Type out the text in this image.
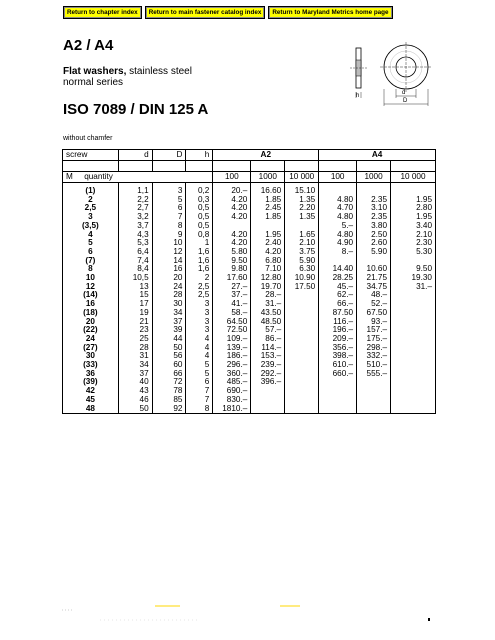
Return to chapter index	Return to main fastener catalog index	Return to Maryland Metrics home page
A2 / A4
Flat washers, stainless steel
normal series
ISO 7089 / DIN 125 A
without chamfer
h	d
D
screw	d	D	h	A2			A4		

M quantity				100	1000	10 000	100	1000	10 000

(1)	1,1	3	0,2	20.–	16.60	15.10			
2	2,2	5	0,3	4.20	1.85	1.35	4.80	2.35	1.95
2,5	2,7	6	0,5	4.20	2.45	2.20	4.70	3.10	2.80
3	3,2	7	0,5	4.20	1.85	1.35	4.80	2.35	1.95
(3,5)	3,7	8	0,5				5.–	3.80	3.40
4	4,3	9	0,8	4.20	1.95	1.65	4.80	2.50	2.10
5	5,3	10	1	4.20	2.40	2.10	4.90	2.60	2.30
6	6,4	12	1,6	5.80	4.20	3.75	8.–	5.90	5.30
(7)	7,4	14	1,6	9.50	6.80	5.90			
8	8,4	16	1,6	9.80	7.10	6.30	14.40	10.60	9.50
10	10,5	20	2	17.60	12.80	10.90	28.25	21.75	19.30
12	13	24	2,5	27.–	19.70	17.50	45.–	34.75	31.–
(14)	15	28	2,5	37.–	28.–		62.–	48.–	
16	17	30	3	41.–	31.–		66.–	52.–	
(18)	19	34	3	58.–	43.50		87.50	67.50	
20	21	37	3	64.50	48.50		116.–	93.–	
(22)	23	39	3	72.50	57.–		196.–	157.–	
24	25	44	4	109.–	86.–		209.–	175.–	
(27)	28	50	4	139.–	114.–		356.–	298.–	
30	31	56	4	186.–	153.–		398.–	332.–	
(33)	34	60	5	296.–	239.–		610.–	510.–	
36	37	66	5	360.–	292.–		660.–	555.–	
(39)	40	72	6	485.–	396.–				
42	43	78	7	690.–					
45	46	85	7	830.–					
48	50	92	8	1810.–					
